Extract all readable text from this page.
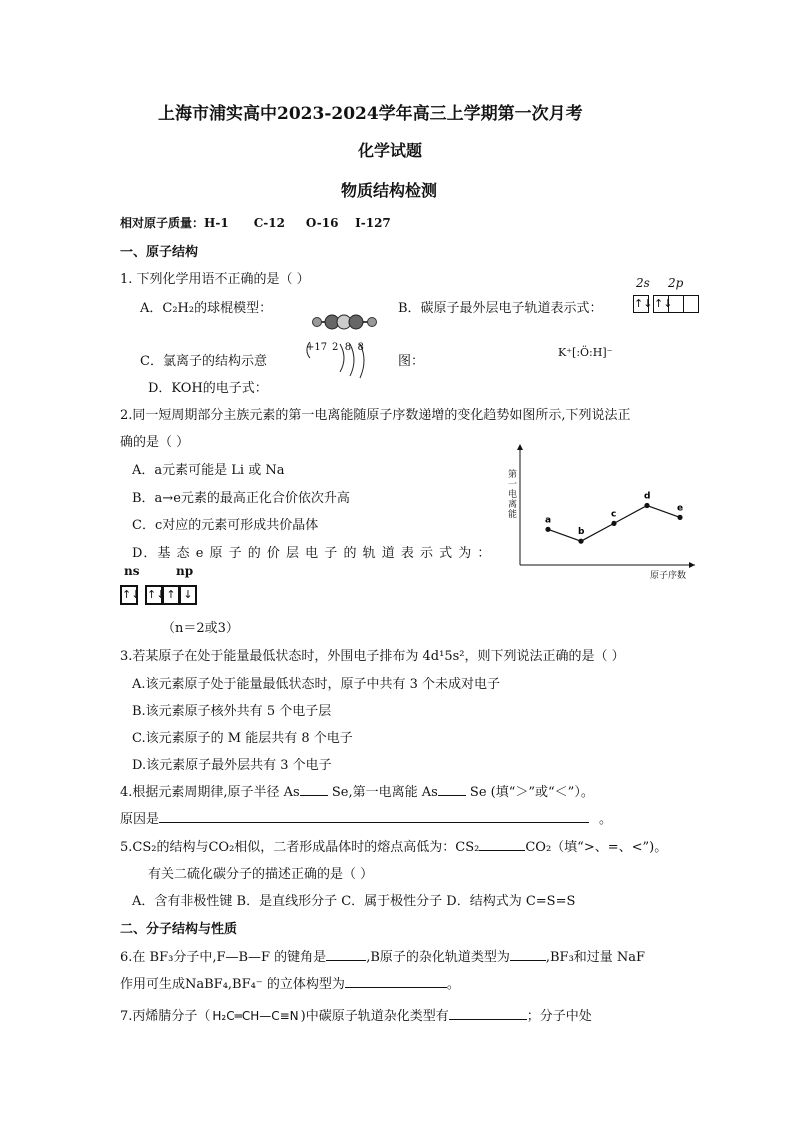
上海市浦实高中2023-2024学年高三上学期第一次月考
化学试题
物质结构检测
相对原子质量：H-1      C-12     O-16    I-127
一、原子结构
1. 下列化学用语不正确的是（ ）
A．C₂H₂的球棍模型：	B．碳原子最外层电子轨道表示式：
2s 2p
↑↓ ↑↓
C．氯离子的结构示意
+17 2  8  8
图：
K⁺[:Ö:H]⁻
D．KOH的电子式：
2.同一短周期部分主族元素的第一电离能随原子序数递增的变化趋势如图所示,下列说法正
确的是（ ）
A．a元素可能是 Li 或 Na
B．a→e元素的最高正化合价依次升高
C．c对应的元素可形成共价晶体
D．基 态 e 原 子 的 价 层 电 子 的 轨 道 表 示 式 为 ：
ns	np
↑↓ ↑↓↑ ↓
（n＝2或3）
a
b
c
d
e
第一电离能
原子序数
3.若某原子在处于能量最低状态时，外围电子排布为 4d¹5s²，则下列说法正确的是（ ）
A.该元素原子处于能量最低状态时，原子中共有 3 个未成对电子
B.该元素原子核外共有 5 个电子层
C.该元素原子的 M 能层共有 8 个电子
D.该元素原子最外层共有 3 个电子
4.根据元素周期律,原子半径 As Se,第一电离能 As Se (填“＞”或“＜”）。
原因是	。
5.CS₂的结构与CO₂相似，二者形成晶体时的熔点高低为：CS₂	CO₂（填“>、=、<”)。
有关二硫化碳分子的描述正确的是（ ）
A．含有非极性键 B．是直线形分子 C．属于极性分子 D．结构式为 C=S=S
二、分子结构与性质
6.在 BF₃分子中,F—B—F 的键角是	,B原子的杂化轨道类型为	,BF₃和过量 NaF
作用可生成NaBF₄,BF₄⁻ 的立体构型为	。
7.丙烯腈分子（ H₂C═CH—C≡N )中碳原子轨道杂化类型有	；分子中处
